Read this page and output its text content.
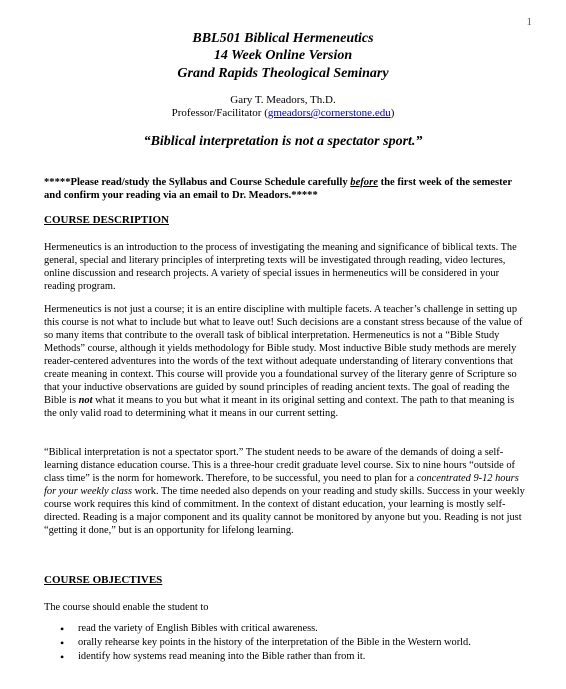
1
BBL501 Biblical Hermeneutics
14 Week Online Version
Grand Rapids Theological Seminary
Gary T. Meadors, Th.D.
Professor/Facilitator (gmeadors@cornerstone.edu)
“Biblical interpretation is not a spectator sport.”
*****Please read/study the Syllabus and Course Schedule carefully before the first week of the semester and confirm your reading via an email to Dr. Meadors.*****
COURSE DESCRIPTION
Hermeneutics is an introduction to the process of investigating the meaning and significance of biblical texts. The general, special and literary principles of interpreting texts will be investigated through reading, video lectures, online discussion and research projects. A variety of special issues in hermeneutics will be considered in your reading program.
Hermeneutics is not just a course; it is an entire discipline with multiple facets. A teacher’s challenge in setting up this course is not what to include but what to leave out! Such decisions are a constant stress because of the value of so many items that contribute to the overall task of biblical interpretation. Hermeneutics is not a “Bible Study Methods” course, although it yields methodology for Bible study. Most inductive Bible study methods are merely reader-centered adventures into the words of the text without adequate understanding of literary conventions that create meaning in context. This course will provide you a foundational survey of the literary genre of Scripture so that your inductive observations are guided by sound principles of reading ancient texts. The goal of reading the Bible is not what it means to you but what it meant in its original setting and context. The path to that meaning is the only valid road to determining what it means in our current setting.
“Biblical interpretation is not a spectator sport.” The student needs to be aware of the demands of doing a self-learning distance education course. This is a three-hour credit graduate level course. Six to nine hours “outside of class time” is the norm for homework. Therefore, to be successful, you need to plan for a concentrated 9-12 hours for your weekly class work. The time needed also depends on your reading and study skills. Success in your weekly course work requires this kind of commitment. In the context of distant education, your learning is mostly self-directed. Reading is a major component and its quality cannot be monitored by anyone but you. Reading is not just “getting it done,” but is an opportunity for lifelong learning.
COURSE OBJECTIVES
The course should enable the student to
• read the variety of English Bibles with critical awareness.
• orally rehearse key points in the history of the interpretation of the Bible in the Western world.
• identify how systems read meaning into the Bible rather than from it.
